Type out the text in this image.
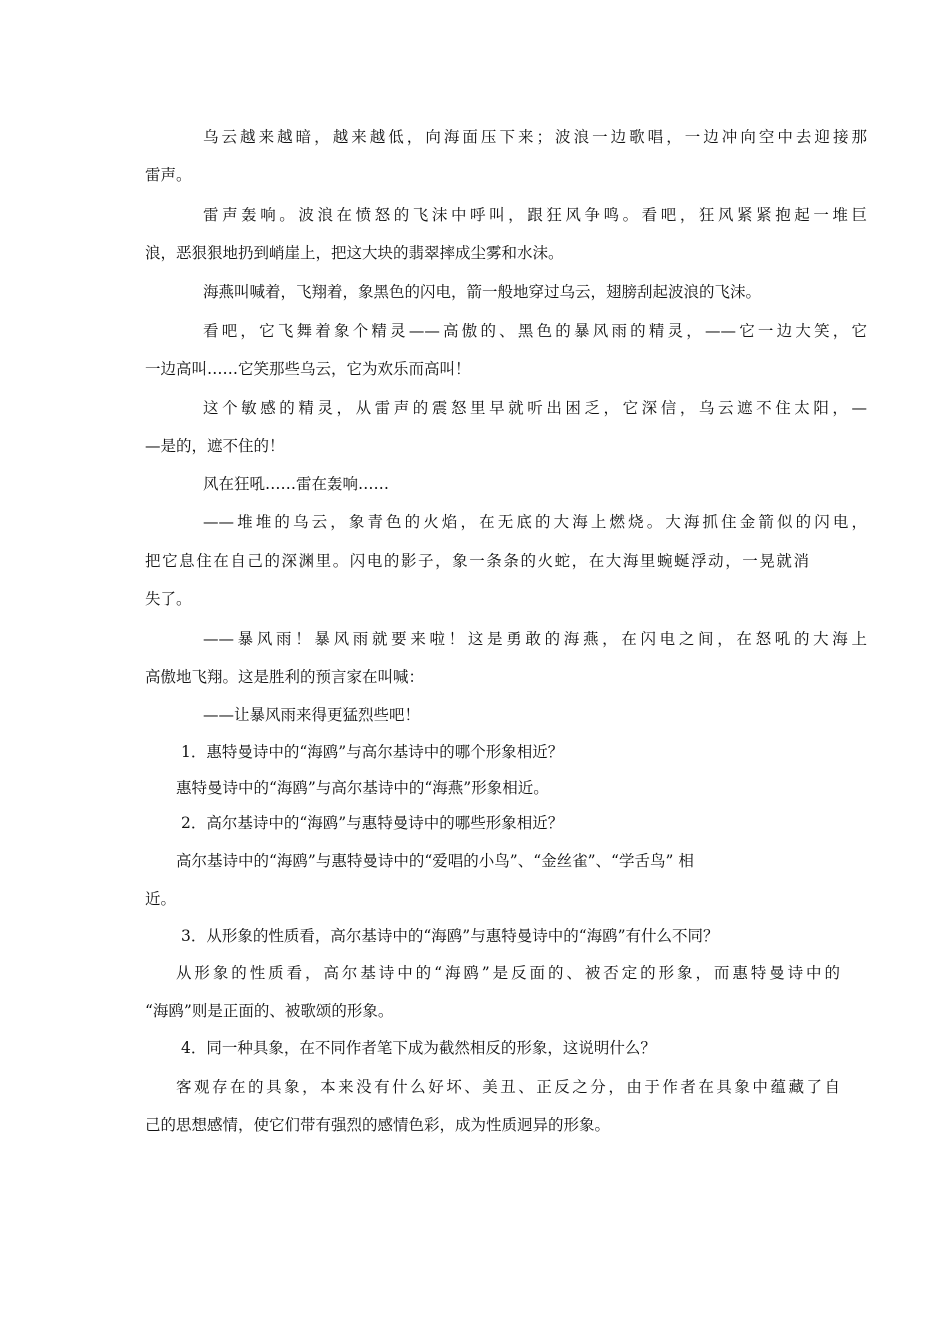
乌云越来越暗，越来越低，向海面压下来；波浪一边歌唱，一边冲向空中去迎接那
雷声。
雷声轰响。波浪在愤怒的飞沫中呼叫，跟狂风争鸣。看吧，狂风紧紧抱起一堆巨
浪，恶狠狠地扔到峭崖上，把这大块的翡翠摔成尘雾和水沫。
海燕叫喊着，飞翔着，象黑色的闪电，箭一般地穿过乌云，翅膀刮起波浪的飞沫。
看吧，它飞舞着象个精灵——高傲的、黑色的暴风雨的精灵，——它一边大笑，它
一边高叫……它笑那些乌云，它为欢乐而高叫！
这个敏感的精灵，从雷声的震怒里早就听出困乏，它深信，乌云遮不住太阳，—
—是的，遮不住的！
风在狂吼……雷在轰响……
——堆堆的乌云，象青色的火焰，在无底的大海上燃烧。大海抓住金箭似的闪电，
把它息住在自己的深渊里。闪电的影子，象一条条的火蛇，在大海里蜿蜒浮动，一晃就消
失了。
——暴风雨！暴风雨就要来啦！这是勇敢的海燕，在闪电之间，在怒吼的大海上
高傲地飞翔。这是胜利的预言家在叫喊：
——让暴风雨来得更猛烈些吧！
1．惠特曼诗中的“海鸥”与高尔基诗中的哪个形象相近？
惠特曼诗中的“海鸥”与高尔基诗中的“海燕”形象相近。
2．高尔基诗中的“海鸥”与惠特曼诗中的哪些形象相近？
高尔基诗中的“海鸥”与惠特曼诗中的“爱唱的小鸟”、“金丝雀”、“学舌鸟” 相
近。
3．从形象的性质看，高尔基诗中的“海鸥”与惠特曼诗中的“海鸥”有什么不同？
从形象的性质看，高尔基诗中的“海鸥”是反面的、被否定的形象，而惠特曼诗中的
“海鸥”则是正面的、被歌颂的形象。
4．同一种具象，在不同作者笔下成为截然相反的形象，这说明什么？
客观存在的具象，本来没有什么好坏、美丑、正反之分，由于作者在具象中蕴藏了自
己的思想感情，使它们带有强烈的感情色彩，成为性质迥异的形象。
